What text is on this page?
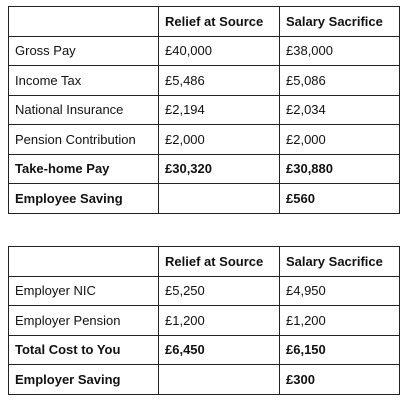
	Relief at Source	Salary Sacrifice
Gross Pay	£40,000	£38,000
Income Tax	£5,486	£5,086
National Insurance	£2,194	£2,034
Pension Contribution	£2,000	£2,000
Take-home Pay	£30,320	£30,880
Employee Saving		£560
	Relief at Source	Salary Sacrifice
Employer NIC	£5,250	£4,950
Employer Pension	£1,200	£1,200
Total Cost to You	£6,450	£6,150
Employer Saving		£300
